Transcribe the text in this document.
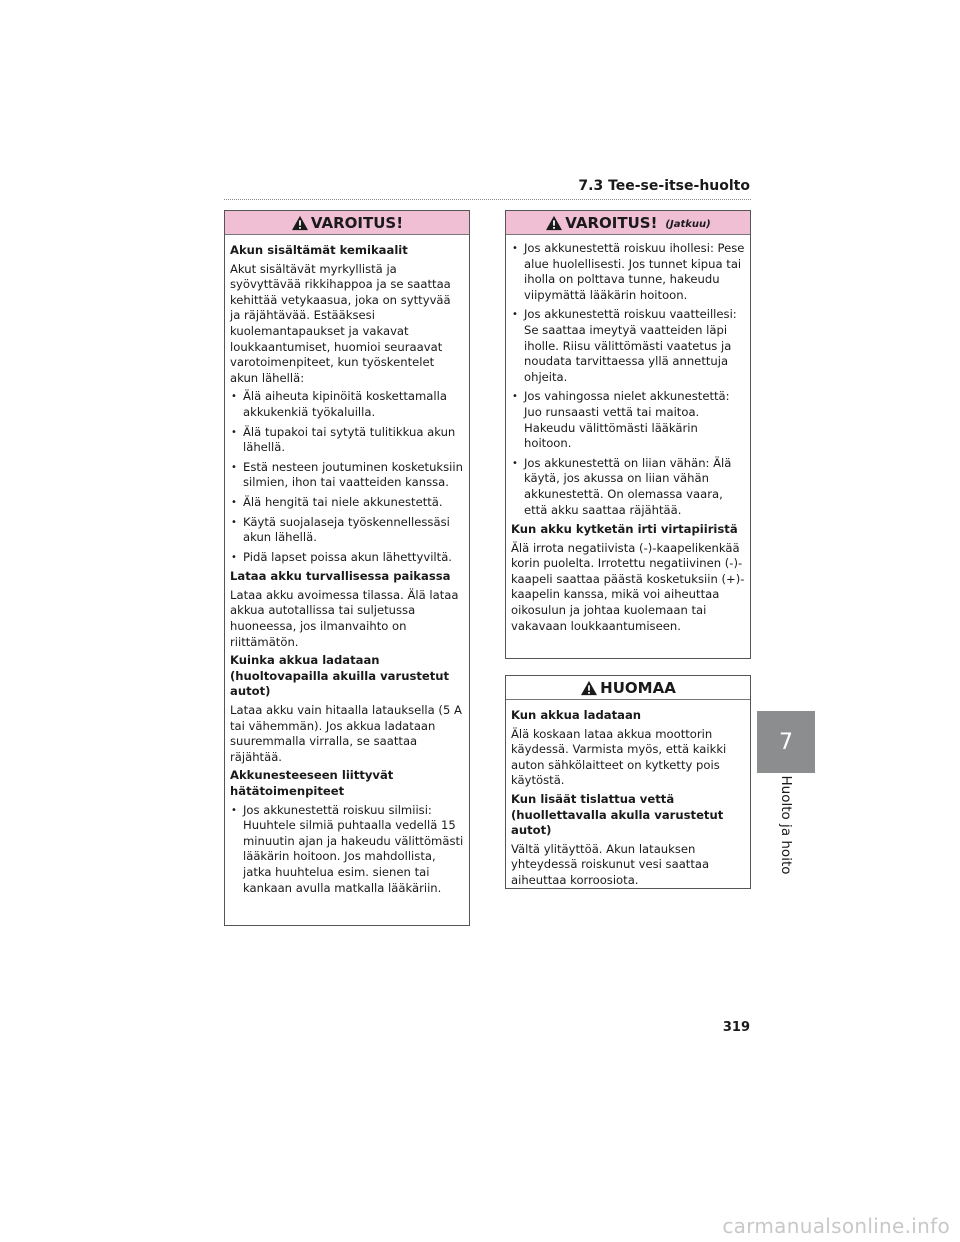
7.3 Tee-se-itse-huolto
VAROITUS!
Akun sisältämät kemikaalit
Akut sisältävät myrkyllistä ja syövyttävää rikkihappoa ja se saattaa kehittää vetykaasua, joka on syttyvää ja räjähtävää. Estääksesi kuolemantapaukset ja vakavat loukkaantumiset, huomioi seuraavat varotoimenpiteet, kun työskentelet akun lähellä:
• Älä aiheuta kipinöitä koskettamalla akkukenkiä työkaluilla.
• Älä tupakoi tai sytytä tulitikkua akun lähellä.
• Estä nesteen joutuminen kosketuksiin silmien, ihon tai vaatteiden kanssa.
• Älä hengitä tai niele akkunestettä.
• Käytä suojalaseja työskennellessäsi akun lähellä.
• Pidä lapset poissa akun lähettyviltä.
Lataa akku turvallisessa paikassa
Lataa akku avoimessa tilassa. Älä lataa akkua autotallissa tai suljetussa huoneessa, jos ilmanvaihto on riittämätön.
Kuinka akkua ladataan (huoltovapailla akuilla varustetut autot)
Lataa akku vain hitaalla latauksella (5 A tai vähemmän). Jos akkua ladataan suuremmalla virralla, se saattaa räjähtää.
Akkunesteeseen liittyvät hätätoimenpiteet
• Jos akkunestettä roiskuu silmiisi: Huuhtele silmiä puhtaalla vedellä 15 minuutin ajan ja hakeudu välittömästi lääkärin hoitoon. Jos mahdollista, jatka huuhtelua esim. sienen tai kankaan avulla matkalla lääkäriin.
VAROITUS! (Jatkuu)
• Jos akkunestettä roiskuu ihollesi: Pese alue huolellisesti. Jos tunnet kipua tai iholla on polttava tunne, hakeudu viipymättä lääkärin hoitoon.
• Jos akkunestettä roiskuu vaatteillesi: Se saattaa imeytyä vaatteiden läpi iholle. Riisu välittömästi vaatetus ja noudata tarvittaessa yllä annettuja ohjeita.
• Jos vahingossa nielet akkunestettä: Juo runsaasti vettä tai maitoa. Hakeudu välittömästi lääkärin hoitoon.
• Jos akkunestettä on liian vähän: Älä käytä, jos akussa on liian vähän akkunestettä. On olemassa vaara, että akku saattaa räjähtää.
Kun akku kytketän irti virtapiiristä
Älä irrota negatiivista (-)-kaapelikenkää korin puolelta. Irrotettu negatiivinen (-)-kaapeli saattaa päästä kosketuksiin (+)-kaapelin kanssa, mikä voi aiheuttaa oikosulun ja johtaa kuolemaan tai vakavaan loukkaantumiseen.
HUOMAA
Kun akkua ladataan
Älä koskaan lataa akkua moottorin käydessä. Varmista myös, että kaikki auton sähkölaitteet on kytketty pois käytöstä.
Kun lisäät tislattua vettä (huollettavalla akulla varustetut autot)
Vältä ylitäyttöä. Akun latauksen yhteydessä roiskunut vesi saattaa aiheuttaa korroosiota.
7
Huolto ja hoito
319
carmanualsonline.info
